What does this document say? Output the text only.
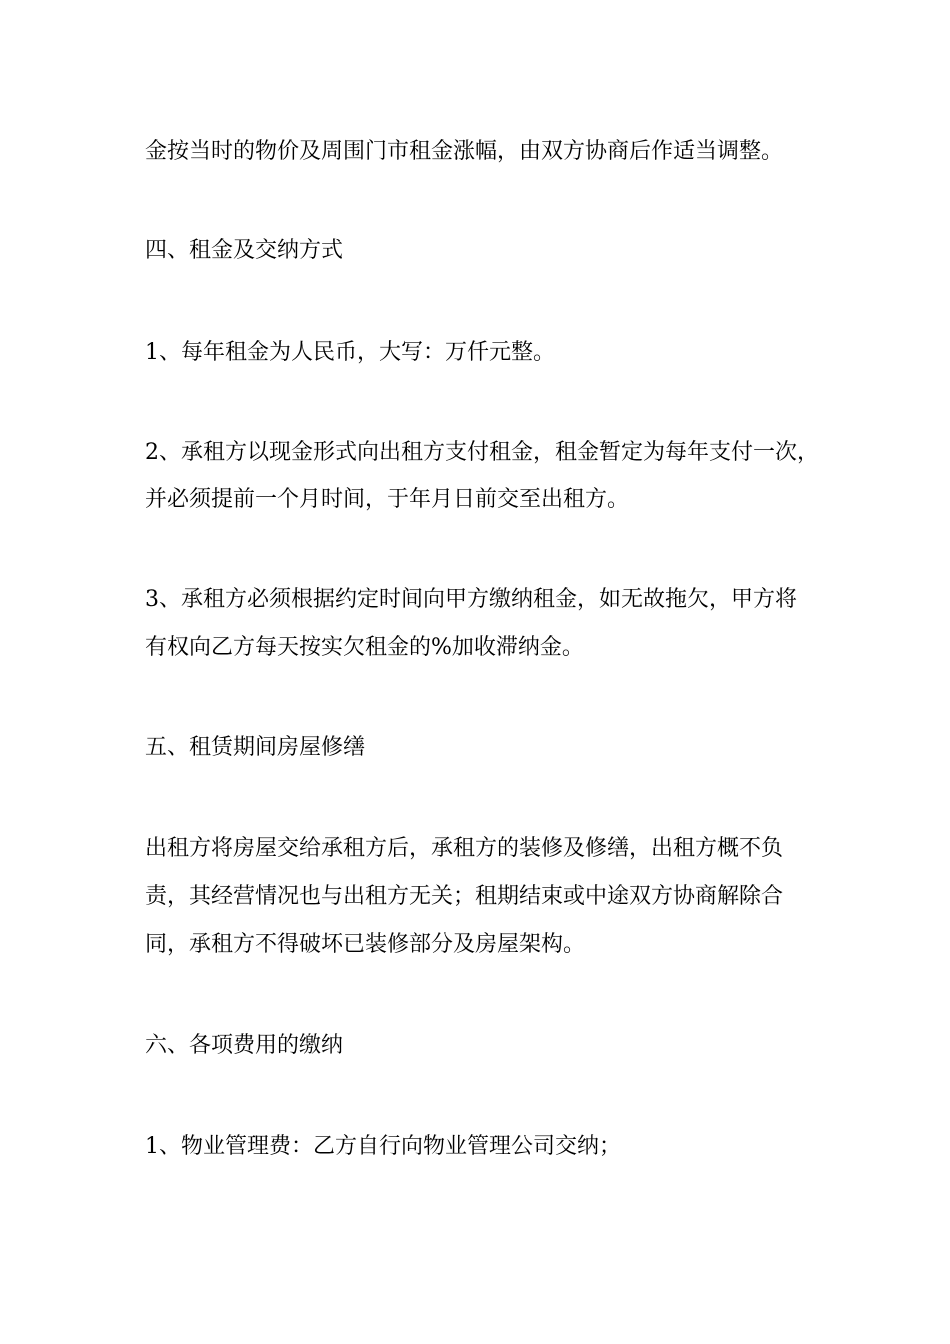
金按当时的物价及周围门市租金涨幅，由双方协商后作适当调整。
四、租金及交纳方式
1、每年租金为人民币，大写：万仟元整。
2、承租方以现金形式向出租方支付租金，租金暂定为每年支付一次，
并必须提前一个月时间，于年月日前交至出租方。
3、承租方必须根据约定时间向甲方缴纳租金，如无故拖欠，甲方将
有权向乙方每天按实欠租金的%加收滞纳金。
五、租赁期间房屋修缮
出租方将房屋交给承租方后，承租方的装修及修缮，出租方概不负
责，其经营情况也与出租方无关；租期结束或中途双方协商解除合
同，承租方不得破坏已装修部分及房屋架构。
六、各项费用的缴纳
1、物业管理费：乙方自行向物业管理公司交纳；
